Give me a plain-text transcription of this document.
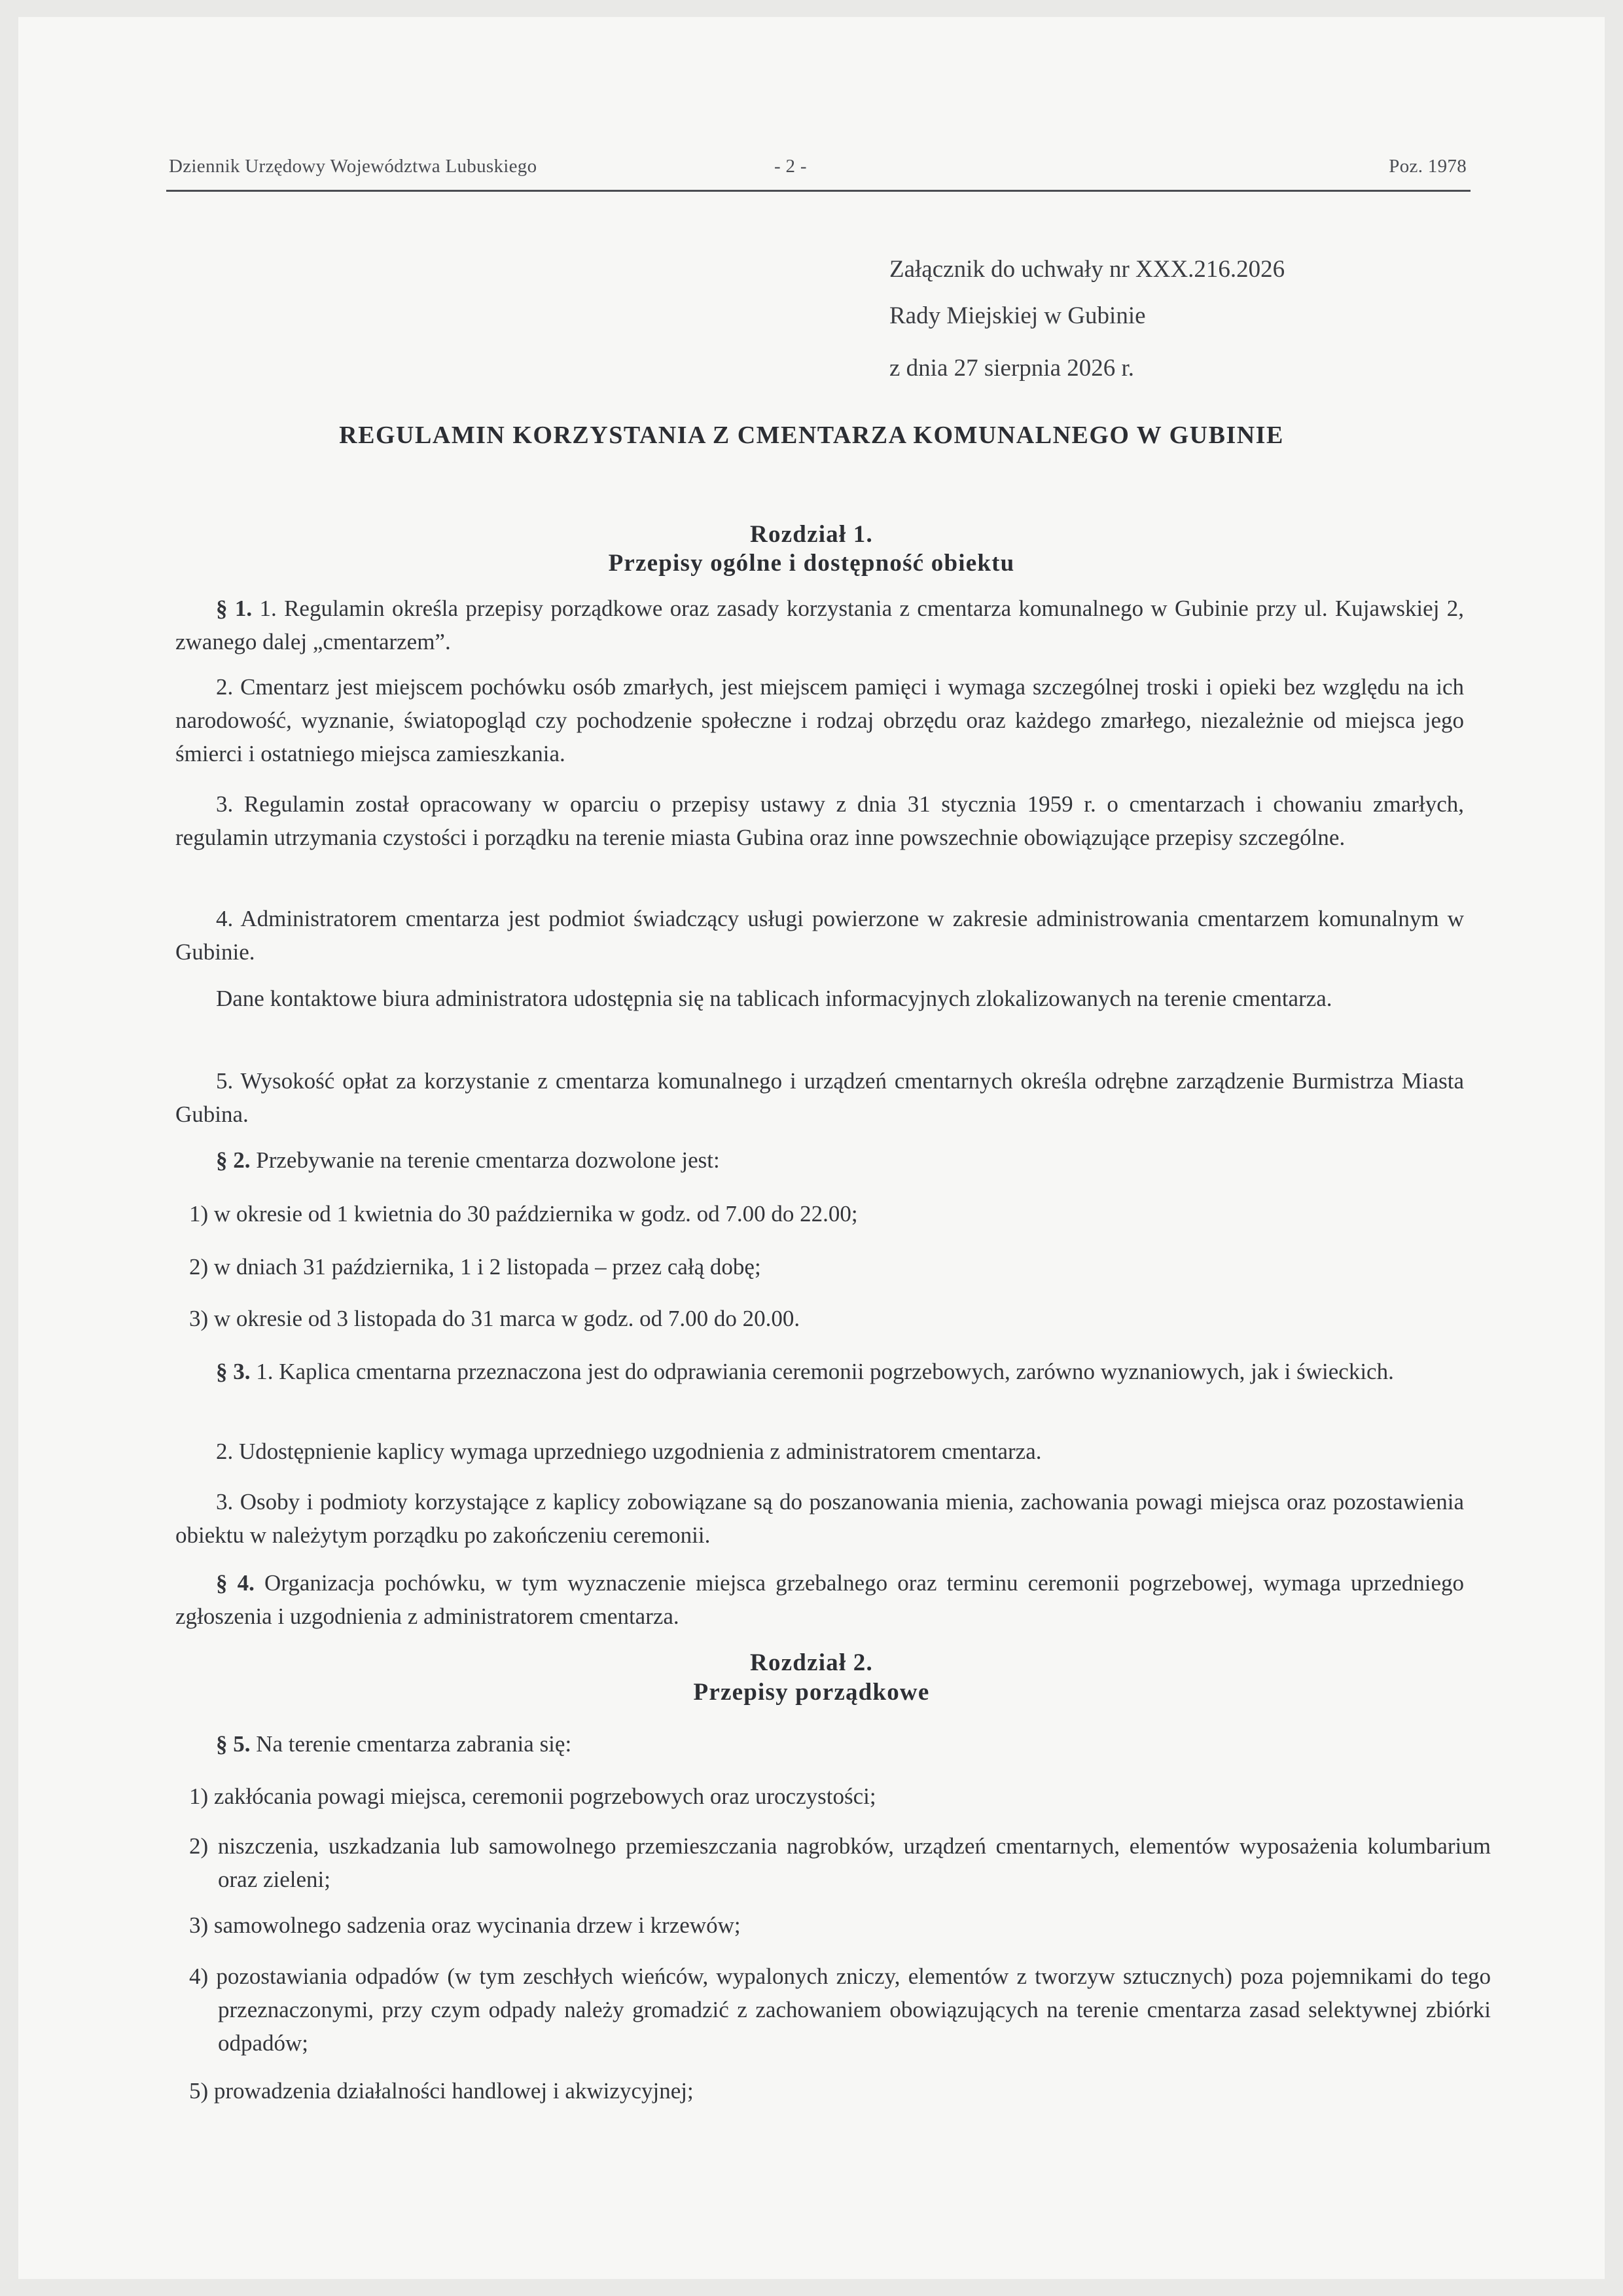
Dziennik Urzędowy Województwa Lubuskiego	- 2 -	Poz. 1978
Załącznik do uchwały nr XXX.216.2026
Rady Miejskiej w Gubinie
z dnia 27 sierpnia 2026 r.
REGULAMIN KORZYSTANIA Z CMENTARZA KOMUNALNEGO W GUBINIE
Rozdział 1.
Przepisy ogólne i dostępność obiektu
§ 1. 1. Regulamin określa przepisy porządkowe oraz zasady korzystania z cmentarza komunalnego w Gubinie przy ul. Kujawskiej 2, zwanego dalej „cmentarzem”.
2. Cmentarz jest miejscem pochówku osób zmarłych, jest miejscem pamięci i wymaga szczególnej troski i opieki bez względu na ich narodowość, wyznanie, światopogląd czy pochodzenie społeczne i rodzaj obrzędu oraz każdego zmarłego, niezależnie od miejsca jego śmierci i ostatniego miejsca zamieszkania.
3. Regulamin został opracowany w oparciu o przepisy ustawy z dnia 31 stycznia 1959 r. o cmentarzach i chowaniu zmarłych, regulamin utrzymania czystości i porządku na terenie miasta Gubina oraz inne powszechnie obowiązujące przepisy szczególne.
4. Administratorem cmentarza jest podmiot świadczący usługi powierzone w zakresie administrowania cmentarzem komunalnym w Gubinie.
Dane kontaktowe biura administratora udostępnia się na tablicach informacyjnych zlokalizowanych na terenie cmentarza.
5. Wysokość opłat za korzystanie z cmentarza komunalnego i urządzeń cmentarnych określa odrębne zarządzenie Burmistrza Miasta Gubina.
§ 2. Przebywanie na terenie cmentarza dozwolone jest:
1) w okresie od 1 kwietnia do 30 października w godz. od 7.00 do 22.00;
2) w dniach 31 października, 1 i 2 listopada – przez całą dobę;
3) w okresie od 3 listopada do 31 marca w godz. od 7.00 do 20.00.
§ 3. 1. Kaplica cmentarna przeznaczona jest do odprawiania ceremonii pogrzebowych, zarówno wyznaniowych, jak i świeckich.
2. Udostępnienie kaplicy wymaga uprzedniego uzgodnienia z administratorem cmentarza.
3. Osoby i podmioty korzystające z kaplicy zobowiązane są do poszanowania mienia, zachowania powagi miejsca oraz pozostawienia obiektu w należytym porządku po zakończeniu ceremonii.
§ 4. Organizacja pochówku, w tym wyznaczenie miejsca grzebalnego oraz terminu ceremonii pogrzebowej, wymaga uprzedniego zgłoszenia i uzgodnienia z administratorem cmentarza.
Rozdział 2.
Przepisy porządkowe
§ 5. Na terenie cmentarza zabrania się:
1) zakłócania powagi miejsca, ceremonii pogrzebowych oraz uroczystości;
2) niszczenia, uszkadzania lub samowolnego przemieszczania nagrobków, urządzeń cmentarnych, elementów wyposażenia kolumbarium oraz zieleni;
3) samowolnego sadzenia oraz wycinania drzew i krzewów;
4) pozostawiania odpadów (w tym zeschłych wieńców, wypalonych zniczy, elementów z tworzyw sztucznych) poza pojemnikami do tego przeznaczonymi, przy czym odpady należy gromadzić z zachowaniem obowiązujących na terenie cmentarza zasad selektywnej zbiórki odpadów;
5) prowadzenia działalności handlowej i akwizycyjnej;
